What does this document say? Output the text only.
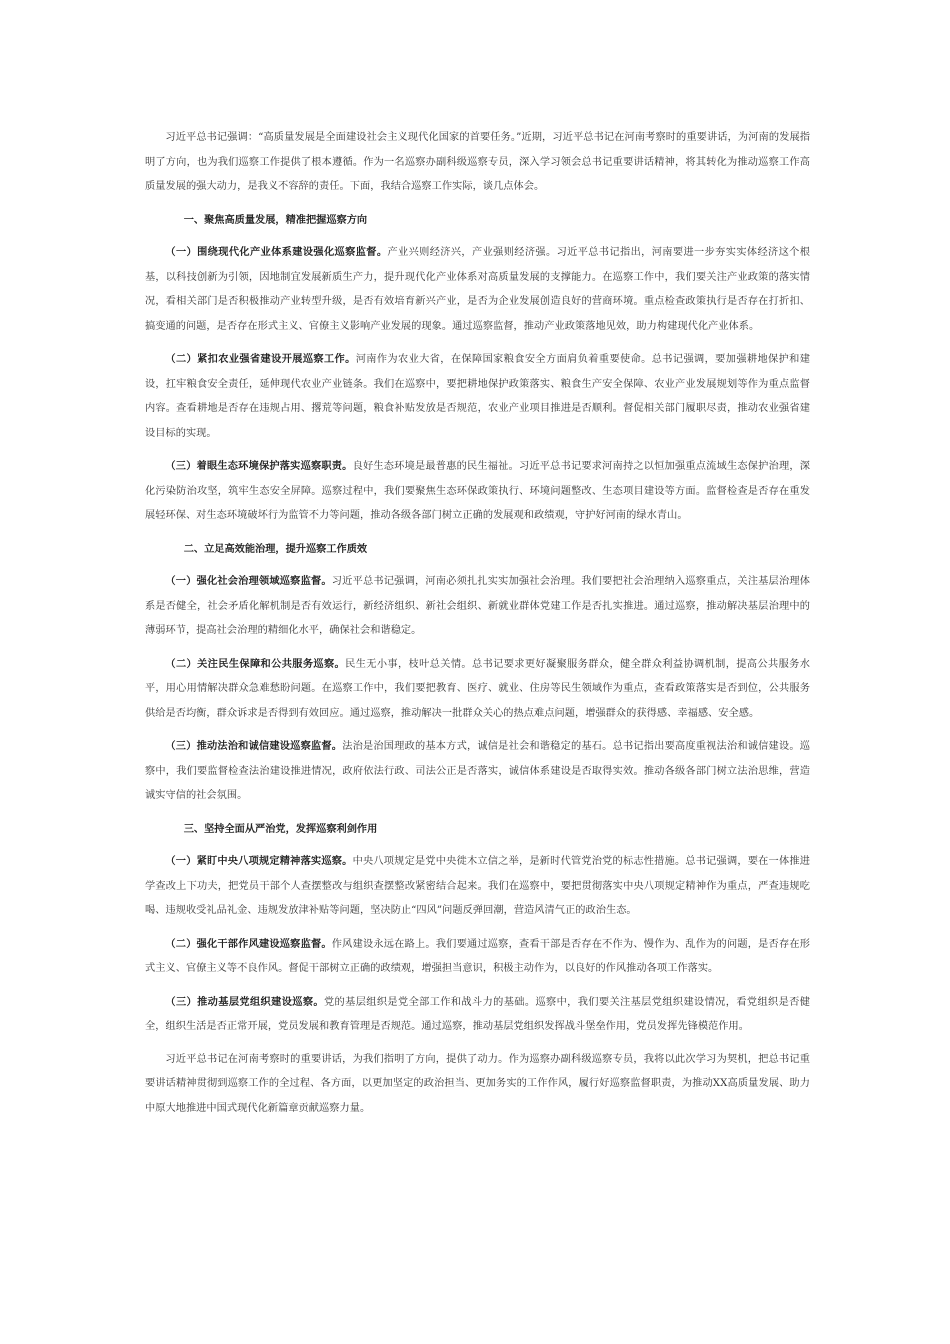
习近平总书记强调：“高质量发展是全面建设社会主义现代化国家的首要任务。”近期，习近平总书记在河南考察时的重要讲话，为河南的发展指明了方向，也为我们巡察工作提供了根本遵循。作为一名巡察办副科级巡察专员，深入学习领会总书记重要讲话精神，将其转化为推动巡察工作高质量发展的强大动力，是我义不容辞的责任。下面，我结合巡察工作实际，谈几点体会。

一、聚焦高质量发展，精准把握巡察方向

（一）围绕现代化产业体系建设强化巡察监督。产业兴则经济兴，产业强则经济强。习近平总书记指出，河南要进一步夯实实体经济这个根基，以科技创新为引领，因地制宜发展新质生产力，提升现代化产业体系对高质量发展的支撑能力。在巡察工作中，我们要关注产业政策的落实情况，看相关部门是否积极推动产业转型升级，是否有效培育新兴产业，是否为企业发展创造良好的营商环境。重点检查政策执行是否存在打折扣、搞变通的问题，是否存在形式主义、官僚主义影响产业发展的现象。通过巡察监督，推动产业政策落地见效，助力构建现代化产业体系。

（二）紧扣农业强省建设开展巡察工作。河南作为农业大省，在保障国家粮食安全方面肩负着重要使命。总书记强调，要加强耕地保护和建设，扛牢粮食安全责任，延伸现代农业产业链条。我们在巡察中，要把耕地保护政策落实、粮食生产安全保障、农业产业发展规划等作为重点监督内容。查看耕地是否存在违规占用、撂荒等问题，粮食补贴发放是否规范，农业产业项目推进是否顺利。督促相关部门履职尽责，推动农业强省建设目标的实现。

（三）着眼生态环境保护落实巡察职责。良好生态环境是最普惠的民生福祉。习近平总书记要求河南持之以恒加强重点流域生态保护治理，深化污染防治攻坚，筑牢生态安全屏障。巡察过程中，我们要聚焦生态环保政策执行、环境问题整改、生态项目建设等方面。监督检查是否存在重发展轻环保、对生态环境破坏行为监管不力等问题，推动各级各部门树立正确的发展观和政绩观，守护好河南的绿水青山。

二、立足高效能治理，提升巡察工作质效

（一）强化社会治理领域巡察监督。习近平总书记强调，河南必须扎扎实实加强社会治理。我们要把社会治理纳入巡察重点，关注基层治理体系是否健全，社会矛盾化解机制是否有效运行，新经济组织、新社会组织、新就业群体党建工作是否扎实推进。通过巡察，推动解决基层治理中的薄弱环节，提高社会治理的精细化水平，确保社会和谐稳定。

（二）关注民生保障和公共服务巡察。民生无小事，枝叶总关情。总书记要求更好凝聚服务群众，健全群众利益协调机制，提高公共服务水平，用心用情解决群众急难愁盼问题。在巡察工作中，我们要把教育、医疗、就业、住房等民生领域作为重点，查看政策落实是否到位，公共服务供给是否均衡，群众诉求是否得到有效回应。通过巡察，推动解决一批群众关心的热点难点问题，增强群众的获得感、幸福感、安全感。

（三）推动法治和诚信建设巡察监督。法治是治国理政的基本方式，诚信是社会和谐稳定的基石。总书记指出要高度重视法治和诚信建设。巡察中，我们要监督检查法治建设推进情况，政府依法行政、司法公正是否落实，诚信体系建设是否取得实效。推动各级各部门树立法治思维，营造诚实守信的社会氛围。

三、坚持全面从严治党，发挥巡察利剑作用

（一）紧盯中央八项规定精神落实巡察。中央八项规定是党中央徙木立信之举，是新时代管党治党的标志性措施。总书记强调，要在一体推进学查改上下功夫，把党员干部个人查摆整改与组织查摆整改紧密结合起来。我们在巡察中，要把贯彻落实中央八项规定精神作为重点，严查违规吃喝、违规收受礼品礼金、违规发放津补贴等问题，坚决防止“四风”问题反弹回潮，营造风清气正的政治生态。

（二）强化干部作风建设巡察监督。作风建设永远在路上。我们要通过巡察，查看干部是否存在不作为、慢作为、乱作为的问题，是否存在形式主义、官僚主义等不良作风。督促干部树立正确的政绩观，增强担当意识，积极主动作为，以良好的作风推动各项工作落实。

（三）推动基层党组织建设巡察。党的基层组织是党全部工作和战斗力的基础。巡察中，我们要关注基层党组织建设情况，看党组织是否健全，组织生活是否正常开展，党员发展和教育管理是否规范。通过巡察，推动基层党组织发挥战斗堡垒作用，党员发挥先锋模范作用。

习近平总书记在河南考察时的重要讲话，为我们指明了方向，提供了动力。作为巡察办副科级巡察专员，我将以此次学习为契机，把总书记重要讲话精神贯彻到巡察工作的全过程、各方面，以更加坚定的政治担当、更加务实的工作作风，履行好巡察监督职责，为推动XX高质量发展、助力中原大地推进中国式现代化新篇章贡献巡察力量。
